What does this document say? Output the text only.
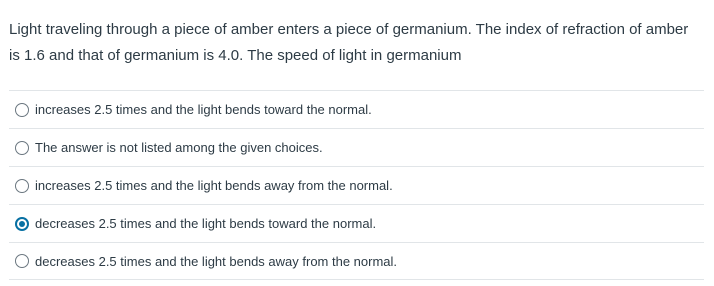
Light traveling through a piece of amber enters a piece of germanium. The index of refraction of amber is 1.6 and that of germanium is 4.0. The speed of light in germanium
increases 2.5 times and the light bends toward the normal.
The answer is not listed among the given choices.
increases 2.5 times and the light bends away from the normal.
decreases 2.5 times and the light bends toward the normal.
decreases 2.5 times and the light bends away from the normal.
